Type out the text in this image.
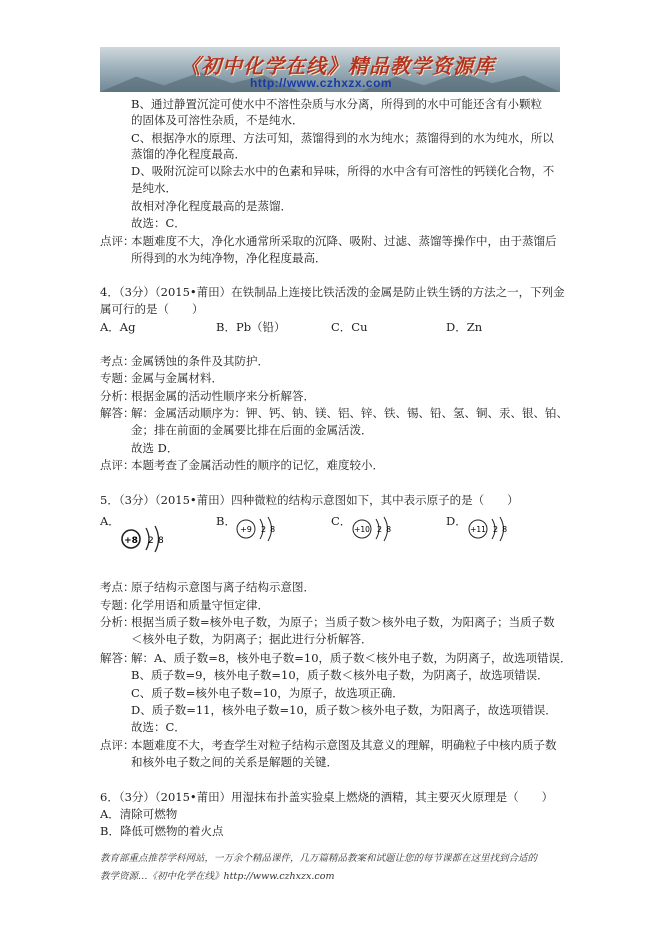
《初中化学在线》精品教学资源库
http://www.czhxzx.com
B、通过静置沉淀可使水中不溶性杂质与水分离，所得到的水中可能还含有小颗粒
的固体及可溶性杂质，不是纯水．
C、根据净水的原理、方法可知，蒸馏得到的水为纯水；蒸馏得到的水为纯水，所以
蒸馏的净化程度最高．
D、吸附沉淀可以除去水中的色素和异味，所得的水中含有可溶性的钙镁化合物，不
是纯水．
故相对净化程度最高的是蒸馏．
故选：C．
点评：
本题难度不大，净化水通常所采取的沉降、吸附、过滤、蒸馏等操作中，由于蒸馏后
所得到的水为纯净物，净化程度最高．
4．（3分）（2015•莆田）在铁制品上连接比铁活泼的金属是防止铁生锈的方法之一，下列金
属可行的是（　　）
A．Ag	B．Pb（铅）	C．Cu	D．Zn
考点：
金属锈蚀的条件及其防护．
专题：
金属与金属材料．
分析：
根据金属的活动性顺序来分析解答．
解答：
解：金属活动顺序为：钾、钙、钠、镁、铝、锌、铁、锡、铅、氢、铜、汞、银、铂、
金；排在前面的金属要比排在后面的金属活泼．
故选 D．
点评：
本题考查了金属活动性的顺序的记忆，难度较小．
5．（3分）（2015•莆田）四种微粒的结构示意图如下，其中表示原子的是（　　）
A．	B．	C．	D．
+8 2 8
+9 2 8	+10 2 8	+11 2 8
考点：
原子结构示意图与离子结构示意图．
专题：
化学用语和质量守恒定律．
分析：
根据当质子数=核外电子数，为原子；当质子数＞核外电子数，为阳离子；当质子数
＜核外电子数，为阴离子；据此进行分析解答．
解答：
解：A、质子数=8，核外电子数=10，质子数＜核外电子数，为阴离子，故选项错误．
B、质子数=9，核外电子数=10，质子数＜核外电子数，为阴离子，故选项错误．
C、质子数=核外电子数=10，为原子，故选项正确．
D、质子数=11，核外电子数=10，质子数＞核外电子数，为阳离子，故选项错误．
故选：C．
点评：
本题难度不大，考查学生对粒子结构示意图及其意义的理解，明确粒子中核内质子数
和核外电子数之间的关系是解题的关键．
6．（3分）（2015•莆田）用湿抹布扑盖实验桌上燃烧的酒精，其主要灭火原理是（　　）
A．清除可燃物
B．降低可燃物的着火点
教育部重点推荐学科网站，一万余个精品课件，几万篇精品教案和试题让您的每节课都在这里找到合适的
教学资源…《初中化学在线》http://www.czhxzx.com
